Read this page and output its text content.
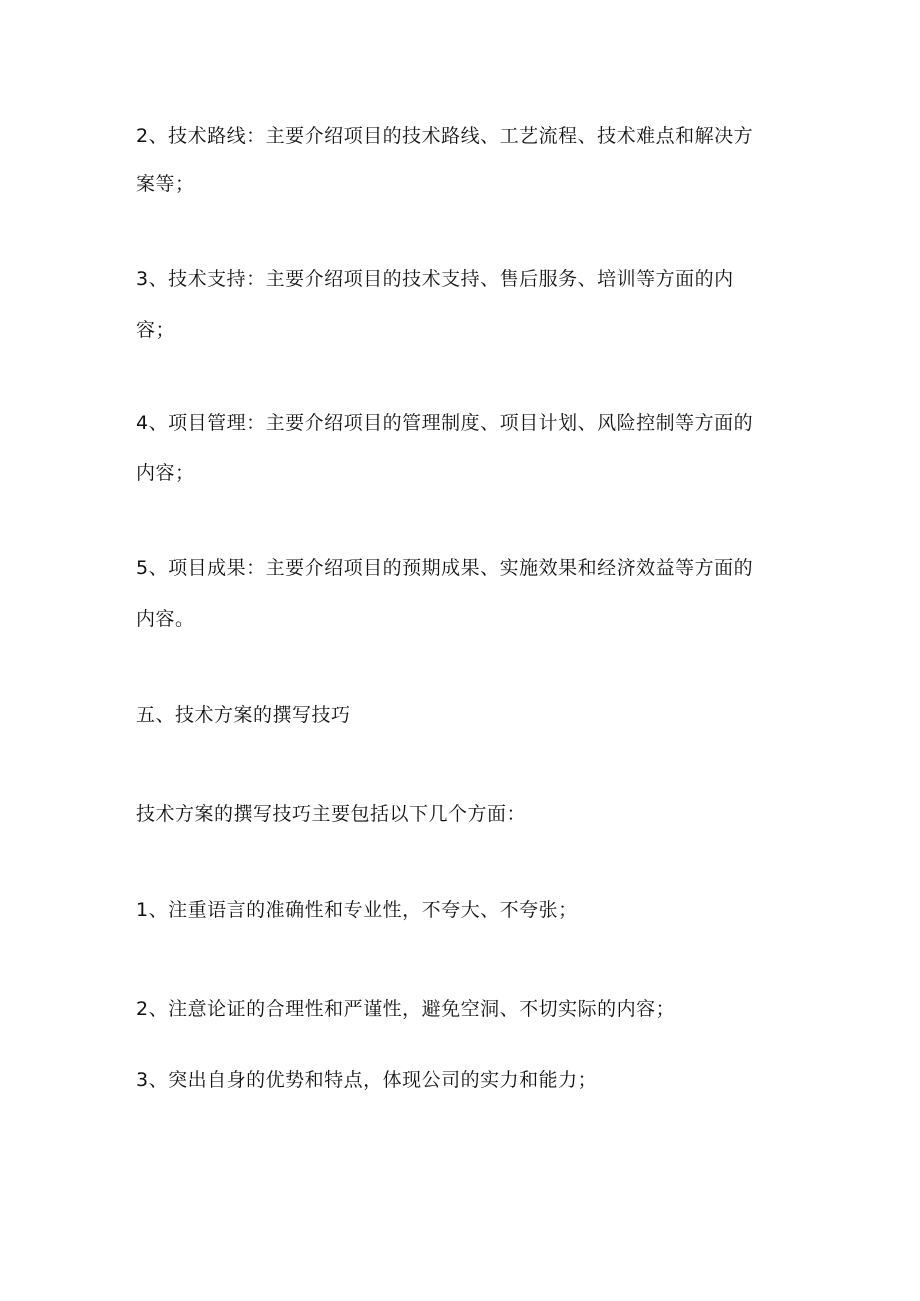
2、技术路线：主要介绍项目的技术路线、工艺流程、技术难点和解决方
案等；
3、技术支持：主要介绍项目的技术支持、售后服务、培训等方面的内
容；
4、项目管理：主要介绍项目的管理制度、项目计划、风险控制等方面的
内容；
5、项目成果：主要介绍项目的预期成果、实施效果和经济效益等方面的
内容。
五、技术方案的撰写技巧
技术方案的撰写技巧主要包括以下几个方面：
1、注重语言的准确性和专业性，不夸大、不夸张；
2、注意论证的合理性和严谨性，避免空洞、不切实际的内容；
3、突出自身的优势和特点，体现公司的实力和能力；
